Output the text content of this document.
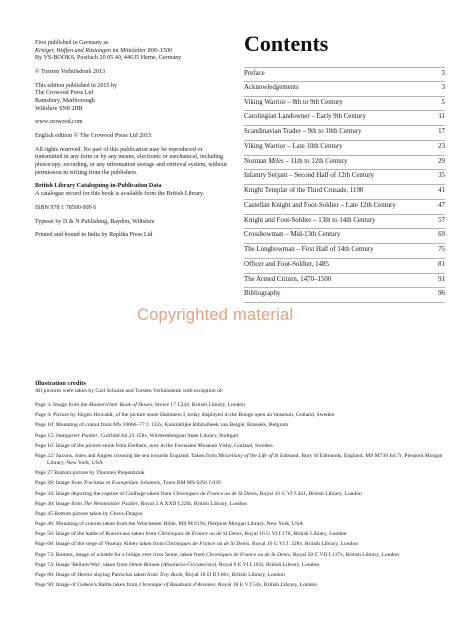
First published in Germany as
Krieger, Waffen und Rüstungen im Mittelalter 800–1500
By VS-BOOKS, Postfach 20 05 40, 44635 Herne, Germany

© Torsten Verhülsdonk 2013

This edition published in 2015 by
The Crowood Press Ltd
Ramsbury, Marlborough
Wiltshire SN8 2HR

www.crowood.com

English edition © The Crowood Press Ltd 2015

All rights reserved. No part of this publication may be reproduced or transmitted in any form or by any means, electronic or mechanical, including photocopy, recording, or any information storage and retrieval system, without permission in writing from the publishers.

British Library Cataloguing-in-Publication Data
A catalogue record for this book is available from the British Library.

ISBN 978 1 78500 009 6

Typeset by D & N Publishing, Baydon, Wiltshire

Printed and bound in India by Replika Press Ltd

Contents
Preface	3
Acknowledgements	3
Viking Warrior – 8th to 9th Century	5
Carolingian Landowner – Early 9th Century	11
Scandinavian Trader – 9th to 10th Century	17
Viking Warrior – Late 10th Century	23
Norman Miles – 11th to 12th Century	29
Infantry Serjant – Second Half of 12th Century	35
Knight Templar of the Third Crusade, 1190	41
Castellan Knight and Foot-Soldier – Late 12th Century	47
Knight and Foot-Soldier – 13th to 14th Century	57
Crossbowman – Mid-13th Century	69
The Longbowman – First Half of 14th Century	75
Officer and Foot-Soldier, 1485	81
The Armed Citizen, 1470–1500	91
Bibliography	96
Copyrighted material
Illustration credits

All pictures were taken by Carl Schulze and Torsten Verhülsdonk with exception of:

Page 3: Image from the Maastrichter Book of Hours, Stowe 17 f.244, British Library, London

Page 4: Picture by Jürgen Howaldt, of the picture stone Hammers I, today displayed in the Bunge open air museum, Gotland, Sweden

Page 10: Mounting of cutout from MS 10066–77 f. 133v, Koninklijke Bibliotheek van België, Brussels, Belgium

Page 15: Stuttgarter Psalter, Cod.bibl.fol.23 158v, Württembergian State Library, Stuttgart

Page 16: Image of the picture stone from Etelhem, now in the Fornsalen Museum Visby, Gotland, Sweden

Page 22: Saxons, Jutes and Angles crossing the sea towards England. Taken from Miscellany of the Life of St Edmund, Bury St Edmunds, England, MS M736 fol.7r, Pierpont Morgan Library, New York, USA

Page 27 Bottom picture by Thorsten Piepenbrink

Page 28: Image from Tractatus in Evangelium Johannis, Tours BM MS 0291 f.039

Page 34: Image depicting the capture of Carthage taken from Chroniques de France ou de St Denis, Royal 16 G VI f.441, British Library, London

Page 40: Image from The Westminster Psalter, Royal 2 A XXII f.220r, British Library, London

Page 45 Bottom picture taken by Chavs-Dragon

Page 46: Mounting of cutouts taken from the Winchester Bible, MS M 619v, Pierpont Morgan Library, New York, USA

Page 56: Image of the battle of Roncevaux taken from Chroniques de France ou de St Denis, Royal 16 G VI f.178, British Library, London

Page 68: Image of the siege of Vezelay Abbey taken from Chroniques de France ou de St Denis, Royal 16 G VI f. 328v, British Library, London

Page 73: Bottom, image of a battle for a bridge over river Seine, taken from Chroniques de France ou de St Denis, Royal 20 C VII f.137v, British Library, London

Page 74: Image 'Bellum/War', taken from Omne Bonum (Absolucio-Circumcisio), Royal 6 E VI f.183r, British Library, London

Page 80: Image of Hector slaying Patroclus taken from Troy Book, Royal 18 D II f.66v, British Library, London

Page 90: Image of Gideon's Battle taken from Chronique of Baudouin d'Avennes, Royal 18 E V f.54v, British Library, London
